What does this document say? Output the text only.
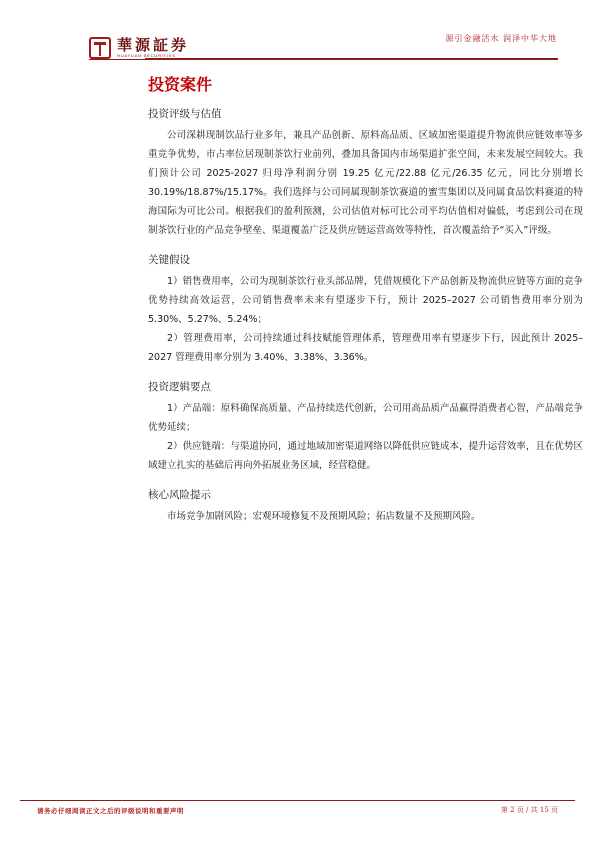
華源証券
HUAYUAN SECURITIES
源引金融活水 润泽中华大地
投资案件
投资评级与估值

公司深耕现制饮品行业多年，兼具产品创新、原料高品质、区域加密渠道提升物流供应链效率等多重竞争优势，市占率位居现制茶饮行业前列，叠加具备国内市场渠道扩张空间，未来发展空间较大。我们预计公司 2025-2027 归母净利润分别 19.25 亿元/22.88 亿元/26.35 亿元，同比分别增长 30.19%/18.87%/15.17%。我们选择与公司同属现制茶饮赛道的蜜雪集团以及同属食品饮料赛道的特海国际为可比公司。根据我们的盈利预测，公司估值对标可比公司平均估值相对偏低，考虑到公司在现制茶饮行业的产品竞争壁垒、渠道覆盖广泛及供应链运营高效等特性，首次覆盖给予“买入”评级。

关键假设

1）销售费用率，公司为现制茶饮行业头部品牌，凭借规模化下产品创新及物流供应链等方面的竞争优势持续高效运营，公司销售费率未来有望逐步下行，预计 2025–2027 公司销售费用率分别为 5.30%、5.27%、5.24%；

2）管理费用率，公司持续通过科技赋能管理体系，管理费用率有望逐步下行，因此预计 2025–2027 管理费用率分别为 3.40%、3.38%、3.36%。

投资逻辑要点

1）产品端：原料确保高质量、产品持续迭代创新，公司用高品质产品赢得消费者心智，产品端竞争优势延续；

2）供应链端：与渠道协同，通过地域加密渠道网络以降低供应链成本，提升运营效率，且在优势区域建立扎实的基础后再向外拓展业务区域，经营稳健。

核心风险提示

市场竞争加剧风险；宏观环境修复不及预期风险；拓店数量不及预期风险。

请务必仔细阅读正文之后的评级说明和重要声明	第 2 页 / 共 15 页
